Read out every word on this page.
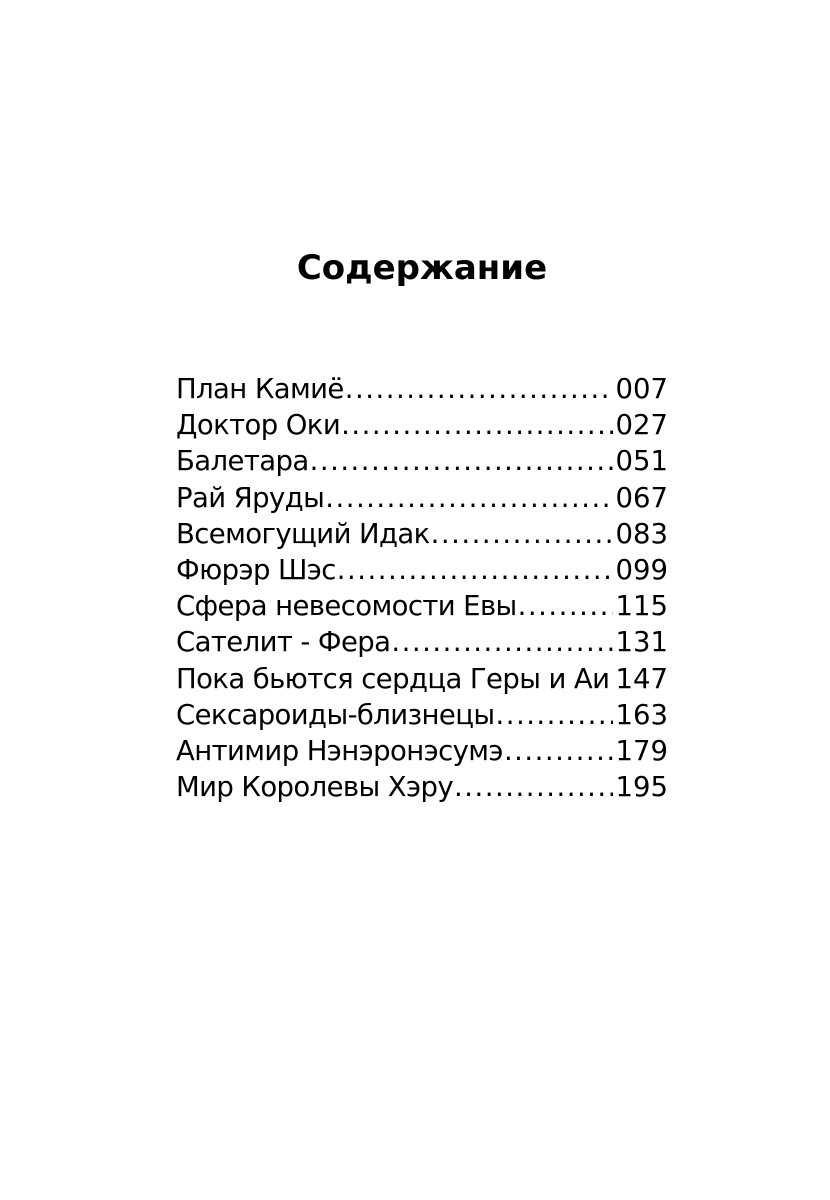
Содержание
План Камиё .....	007
Доктор Оки .....	027
Балетара .....	051
Рай Яруды .....	067
Всемогущий Идак .....	083
Фюрэр Шэс .....	099
Сфера невесомости Евы .....	115
Сателит - Фера .....	131
Пока бьются сердца Геры и Аи ..... 147
Сексароиды-близнецы .....	163
Антимир Нэнэронэсумэ .....	179
Мир Королевы Хэру .....	195
